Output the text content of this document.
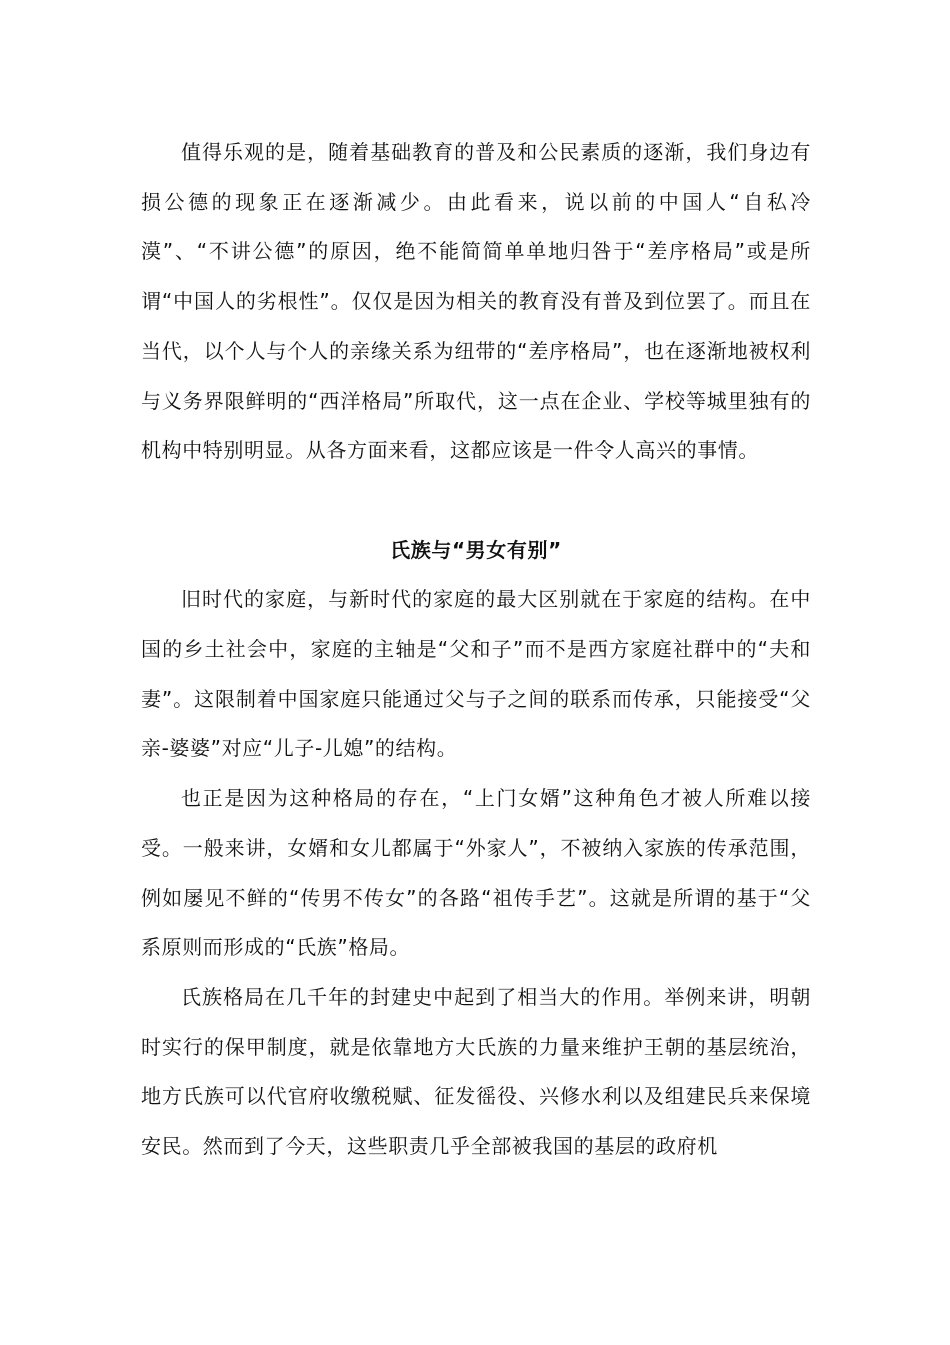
值得乐观的是，随着基础教育的普及和公民素质的逐渐，我们身边有损公德的现象正在逐渐减少。由此看来，说以前的中国人“自私冷漠”、“不讲公德”的原因，绝不能简简单单地归咎于“差序格局”或是所谓“中国人的劣根性”。仅仅是因为相关的教育没有普及到位罢了。而且在当代，以个人与个人的亲缘关系为纽带的“差序格局”，也在逐渐地被权利与义务界限鲜明的“西洋格局”所取代，这一点在企业、学校等城里独有的机构中特别明显。从各方面来看，这都应该是一件令人高兴的事情。

氏族与“男女有别”

旧时代的家庭，与新时代的家庭的最大区别就在于家庭的结构。在中国的乡土社会中，家庭的主轴是“父和子”而不是西方家庭社群中的“夫和妻”。这限制着中国家庭只能通过父与子之间的联系而传承，只能接受“父亲-婆婆”对应“儿子-儿媳”的结构。

也正是因为这种格局的存在，“上门女婿”这种角色才被人所难以接受。一般来讲，女婿和女儿都属于“外家人”，不被纳入家族的传承范围，例如屡见不鲜的“传男不传女”的各路“祖传手艺”。这就是所谓的基于“父系原则而形成的“氏族”格局。

氏族格局在几千年的封建史中起到了相当大的作用。举例来讲，明朝时实行的保甲制度，就是依靠地方大氏族的力量来维护王朝的基层统治，地方氏族可以代官府收缴税赋、征发徭役、兴修水利以及组建民兵来保境安民。然而到了今天，这些职责几乎全部被我国的基层的政府机
